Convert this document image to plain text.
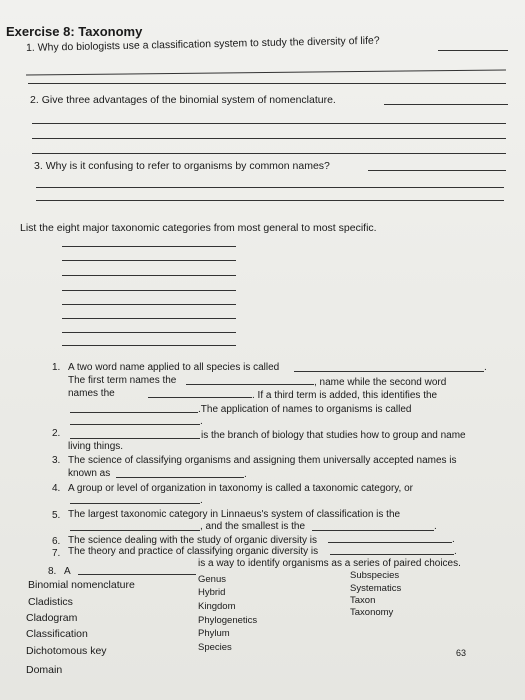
Exercise 8: Taxonomy
1. Why do biologists use a classification system to study the diversity of life?
2. Give three advantages of the binomial system of nomenclature.
3. Why is it confusing to refer to organisms by common names?
List the eight major taxonomic categories from most general to most specific.
1. A two word name applied to all species is called	.
The first term names the	, name while the second word
names the	. If a third term is added, this identifies the
.The application of names to organisms is called
.
2.	is the branch of biology that studies how to group and name
living things.
3. The science of classifying organisms and assigning them universally accepted names is
known as	.
4. A group or level of organization in taxonomy is called a taxonomic category, or
.
5. The largest taxonomic category in Linnaeus's system of classification is the
, and the smallest is the	.
6. The science dealing with the study of organic diversity is	.
7. The theory and practice of classifying organic diversity is	.
8. A
is a way to identify organisms as a series of paired choices.
Binomial nomenclature
Cladistics
Cladogram
Classification
Dichotomous key
Domain
Genus
Hybrid
Kingdom
Phylogenetics
Phylum
Species
Subspecies
Systematics
Taxon
Taxonomy
63
